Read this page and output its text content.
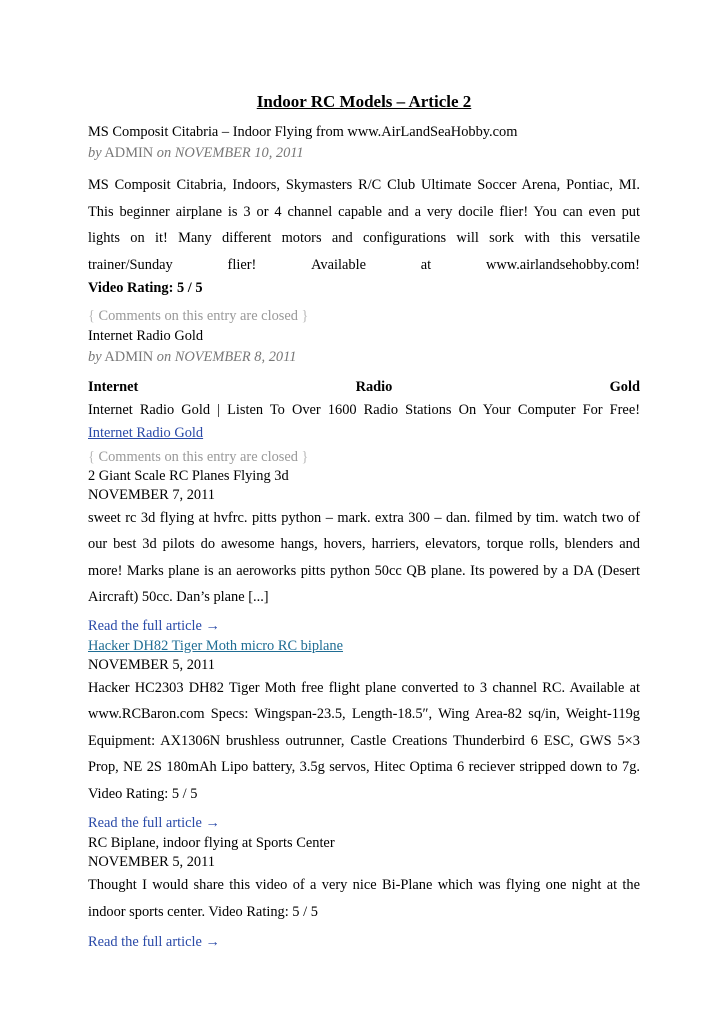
Indoor RC Models – Article 2
MS Composit Citabria – Indoor Flying from www.AirLandSeaHobby.com
by ADMIN on NOVEMBER 10, 2011
MS Composit Citabria, Indoors, Skymasters R/C Club Ultimate Soccer Arena, Pontiac, MI.
This beginner airplane is 3 or 4 channel capable and a very docile flier! You can even put
lights on it! Many different motors and configurations will sork with this versatile
trainer/Sunday	flier!	Available	at	www.airlandsehobby.com!
Video Rating: 5 / 5
{ Comments on this entry are closed }
Internet Radio Gold
by ADMIN on NOVEMBER 8, 2011
Internet	Radio	Gold
Internet Radio Gold | Listen To Over 1600 Radio Stations On Your Computer For Free!
Internet Radio Gold
{ Comments on this entry are closed }
2 Giant Scale RC Planes Flying 3d
NOVEMBER 7, 2011
sweet rc 3d flying at hvfrc. pitts python – mark. extra 300 – dan. filmed by tim. watch two of
our best 3d pilots do awesome hangs, hovers, harriers, elevators, torque rolls, blenders and
more! Marks plane is an aeroworks pitts python 50cc QB plane. Its powered by a DA (Desert
Aircraft) 50cc. Dan’s plane [...]
Read the full article →
Hacker DH82 Tiger Moth micro RC biplane
NOVEMBER 5, 2011
Hacker HC2303 DH82 Tiger Moth free flight plane converted to 3 channel RC. Available at
www.RCBaron.com Specs: Wingspan-23.5, Length-18.5″, Wing Area-82 sq/in, Weight-119g
Equipment: AX1306N brushless outrunner, Castle Creations Thunderbird 6 ESC, GWS 5×3
Prop, NE 2S 180mAh Lipo battery, 3.5g servos, Hitec Optima 6 reciever stripped down to 7g.
Video Rating: 5 / 5
Read the full article →
RC Biplane, indoor flying at Sports Center
NOVEMBER 5, 2011
Thought I would share this video of a very nice Bi-Plane which was flying one night at the
indoor sports center. Video Rating: 5 / 5
Read the full article →
